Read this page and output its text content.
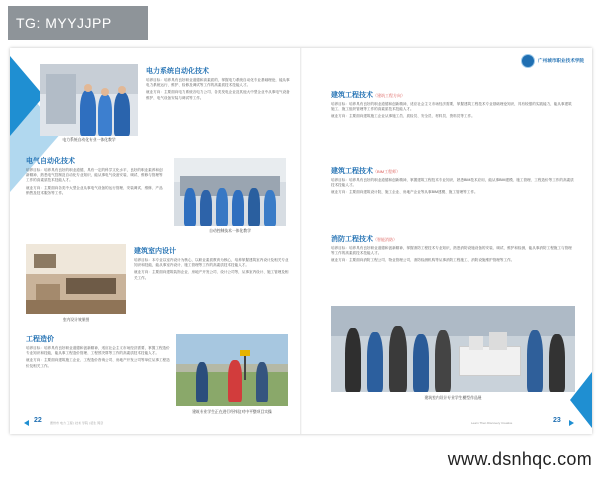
TG: MYYJJPP
电力系统自动化专业一体化教学
电力系统自动化技术
培养目标：培养具有良好职业道德和高素质的，掌握电力系统自动化专业基础理论，能从事电力系统运行、维护、检修及调试等工作的高素质技术技能人才。
就业方向：主要面向电力系统各电力公司、各类发电企业及其他大中型企业中从事电气设备维护、电气设备安装与调试等工作。
电气自动化技术
培养目标：培养具有良好的职业道德，具有一定的科学文化水平，良好的职业素养和创新精神，熟悉电气控制及自动化专业知识，能从事电气设备安装、调试、维修与管理等工作的高素质技术技能人才。
就业方向：主要面向各类中大型企业从事电气设备的运行管理、安装调试、维修、产品销售及技术服务等工作。
自动控制技术一体化教学
室内设计效果图
建筑室内设计
培养目标：本专业以室内设计为核心，以职业素质教育为核心，培养掌握建筑室内设计及相关专业知识和技能，能从事室内设计、施工管理等工作的高素质技术技能人才。
就业方向：主要面向建筑装饰企业、房地产开发公司、设计公司等，从事室内设计、施工管理及相关工作。
工程造价
培养目标：培养具有良好职业道德和创新精神，适应社会主义市场经济需要，掌握工程造价专业知识和技能，能从事工程造价管理、工程预决算等工作的高素质技术技能人才。
就业方向：主要面向建筑施工企业、工程造价咨询公司、房地产开发公司等单位从事工程造价及相关工作。
建筑专业学生正在进行经纬仪对中平整项目实操
22	惠州市 电力 工程 | 技术 学院 | 招生 简章
广州城市职业技术学院
建筑工程技术（建筑工程方向）
培养目标：培养具有良好的职业道德和创新精神，适应社会主义市场经济需要，掌握建筑工程技术专业基础理论知识，具有较强的实践能力，能从事建筑施工、施工组织管理等工作的高素质技术技能人才。
就业方向：主要面向建筑施工企业从事施工员、质检员、安全员、材料员、资料员等工作。
建筑工程技术（BIM工程师）
培养目标：培养具有良好的职业道德和创新精神，掌握建筑工程技术专业知识，熟悉BIM技术应用，能从事BIM建模、施工管理、工程造价等工作的高素质技术技能人才。
就业方向：主要面向建筑设计院、施工企业、房地产企业等从事BIM建模、施工管理等工作。
消防工程技术（智能消防）
培养目标：培养具有良好职业道德和创新精神，掌握消防工程技术专业知识，熟悉消防设施设备的安装、调试、维护和检测，能从事消防工程施工与管理等工作的高素质技术技能人才。
就业方向：主要面向消防工程公司、物业管理公司、消防检测机构等从事消防工程施工、消防设施维护管理等工作。
建筑室内设计专业学生模型作品展
Learn Then Discovery Creative	23
www.dsnhqc.com
